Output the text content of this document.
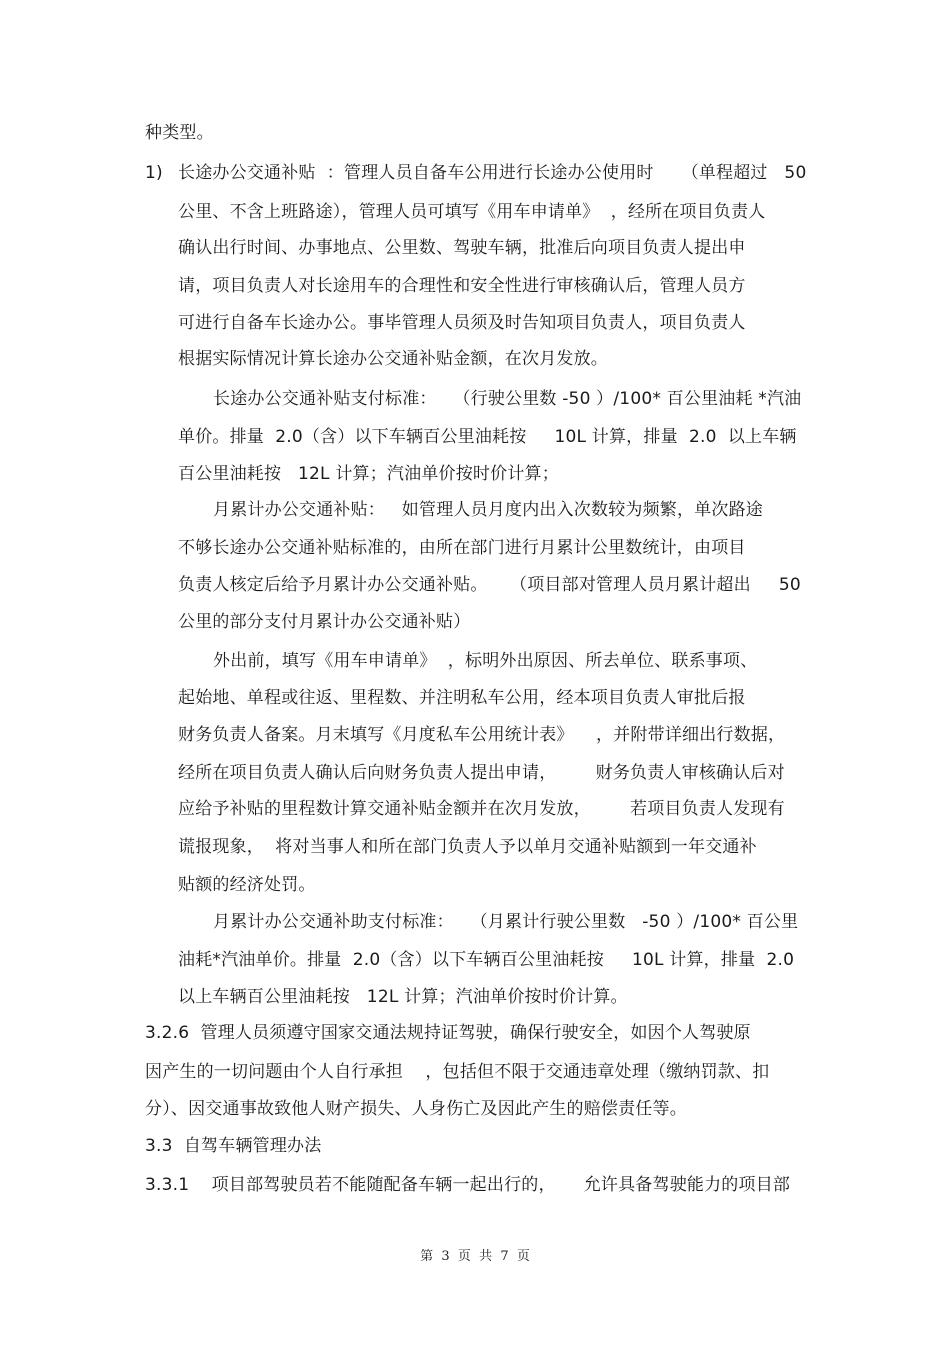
种类型。
1) 长途办公交通补贴  ：管理人员自备车公用进行长途办公使用时     （单程超过   50
公里、不含上班路途），管理人员可填写《用车申请单》  ，经所在项目负责人
确认出行时间、办事地点、公里数、驾驶车辆，批准后向项目负责人提出申
请，项目负责人对长途用车的合理性和安全性进行审核确认后，管理人员方
可进行自备车长途办公。事毕管理人员须及时告知项目负责人，项目负责人
根据实际情况计算长途办公交通补贴金额，在次月发放。
长途办公交通补贴支付标准：   （行驶公里数 -50 ）/100* 百公里油耗 *汽油
单价。排量  2.0（含）以下车辆百公里油耗按     10L 计算，排量  2.0  以上车辆
百公里油耗按   12L 计算；汽油单价按时价计算；
月累计办公交通补贴：   如管理人员月度内出入次数较为频繁，单次路途
不够长途办公交通补贴标准的，由所在部门进行月累计公里数统计，由项目
负责人核定后给予月累计办公交通补贴。    （项目部对管理人员月累计超出     50
公里的部分支付月累计办公交通补贴）
外出前，填写《用车申请单》  ，标明外出原因、所去单位、联系事项、
起始地、单程或往返、里程数、并注明私车公用，经本项目负责人审批后报
财务负责人备案。月末填写《月度私车公用统计表》    ，并附带详细出行数据，
经所在项目负责人确认后向财务负责人提出申请，       财务负责人审核确认后对
应给予补贴的里程数计算交通补贴金额并在次月发放，       若项目负责人发现有
谎报现象，  将对当事人和所在部门负责人予以单月交通补贴额到一年交通补
贴额的经济处罚。
月累计办公交通补助支付标准：   （月累计行驶公里数   -50 ）/100* 百公里
油耗*汽油单价。排量  2.0（含）以下车辆百公里油耗按     10L 计算，排量  2.0
以上车辆百公里油耗按   12L 计算；汽油单价按时价计算。
3.2.6  管理人员须遵守国家交通法规持证驾驶，确保行驶安全，如因个人驾驶原
因产生的一切问题由个人自行承担    ，包括但不限于交通违章处理（缴纳罚款、扣
分）、因交通事故致他人财产损失、人身伤亡及因此产生的赔偿责任等。
3.3  自驾车辆管理办法
3.3.1    项目部驾驶员若不能随配备车辆一起出行的，     允许具备驾驶能力的项目部
第  3  页  共  7  页
